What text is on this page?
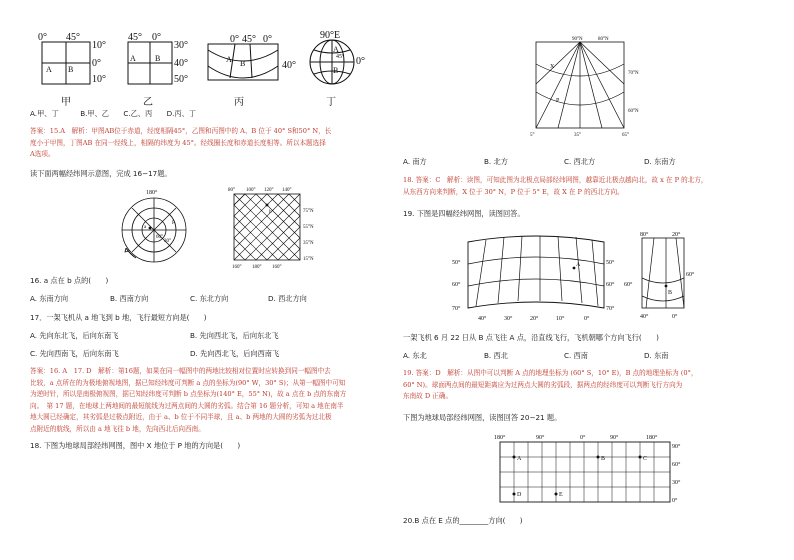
0° 45°
10°
0°
10°
A B
甲
45° 0°
30°
40°
50°
A B
乙
0° 45° 0°
40°
A B
丙
90°E
45° 0°
A
B
丁
A.甲、丁　　　B.甲、乙　　C.乙、丙　　D.丙、丁
答案：15.A　解析：甲图AB位于赤道，经度相隔45°，乙图和丙图中的 A、B 位于 40° S和50° N，长
度小于甲图，丁图AB 在同一经线上，相隔的纬度为 45°。经线圈长度和赤道长度相等。所以本题选择
A选项。
读下面两幅经纬网示意图，完成 16−17题。
180°
60°
30°
a
P
80° 100° 120° 140°
75°N
55°N
35°N
15°N
160° 180° 160°
b
16. a 点在 b 点的(　　)
A. 东南方向	B. 西南方向	C. 东北方向	D. 西北方向
17．一架飞机从 a 地飞到 b 地，飞行最短方向是(　　)
A. 先向东北飞，后向东南飞	B. 先向西北飞，后向东北飞
C. 先向西南飞，后向东南飞	D. 先向西北飞，后向西南飞
答案：16. A　17. D　解析：第16题，如果在同一幅图中的两地比较相对位置时应转换到同一幅图中去
比较，a 点所在的为极地俯视地图，据已知经纬度可判断 a 点的坐标为(90° W，30° S)；从第一幅图中可知
为逆时针，所以是南极俯视图，据已知经纬度可判断 b 点坐标为(140° E，55° N)，故 a 点在 b 点的东南方
向。　第 17 题，在地球上两地间的最短航线为过两点间的大圆的劣弧。结合第 16 题分析，可知 a 地在南半
地大圆已经确定，其劣弧是过极点附近，由于 a、b 位于不同半球，且 a、b 两地的大圆的劣弧为过北极
点附近的航线，所以由 a 地飞往 b 地，先向西北后向西南。
18. 下图为地球局部经纬网图，图中 X 地位于 P 地的方向是(　　)
90°N	80°N
70°N
60°N
5°	35°	65°
X
P
A. 南方	B. 北方	C. 西北方	D. 东南方
18. 答案：C　解析：读图，可知此图为北极点局部经纬网图，越靠近北极点越向北，故 x 在 P 的北方，
从东西方向来判断，X 位于 30° N，P 位于 5° E，故 X 在 P 的西北方向。
19. 下图是四幅经纬网图，读图回答。
50°
60°
70°
50°
60°
70°
40°	30°	20°	10°	0°
A
80°	20°
60°
60°
40°	0°
B
一架飞机 6 月 22 日从 B 点飞往 A 点，沿直线飞行，飞机朝哪个方向飞行(　　)
A. 东北	B. 西北	C. 西南	D. 东南
19. 答案：D　解析：从图中可以判断 A 点的地理坐标为 (60° S，10° E)，B 点的地理坐标为 (0°，
60° N)。球面两点间的最短距离应为过两点大圆的劣弧段，据两点的经纬度可以判断飞行方向为
东南故 D 正确。
下图为地球局部经纬网图，读图回答 20−21 题。
180°	90°	0°	90°	180°
90°
60°
30°
0°
A	B	C
D	E
20.B 点在 E 点的________方向(　　)
